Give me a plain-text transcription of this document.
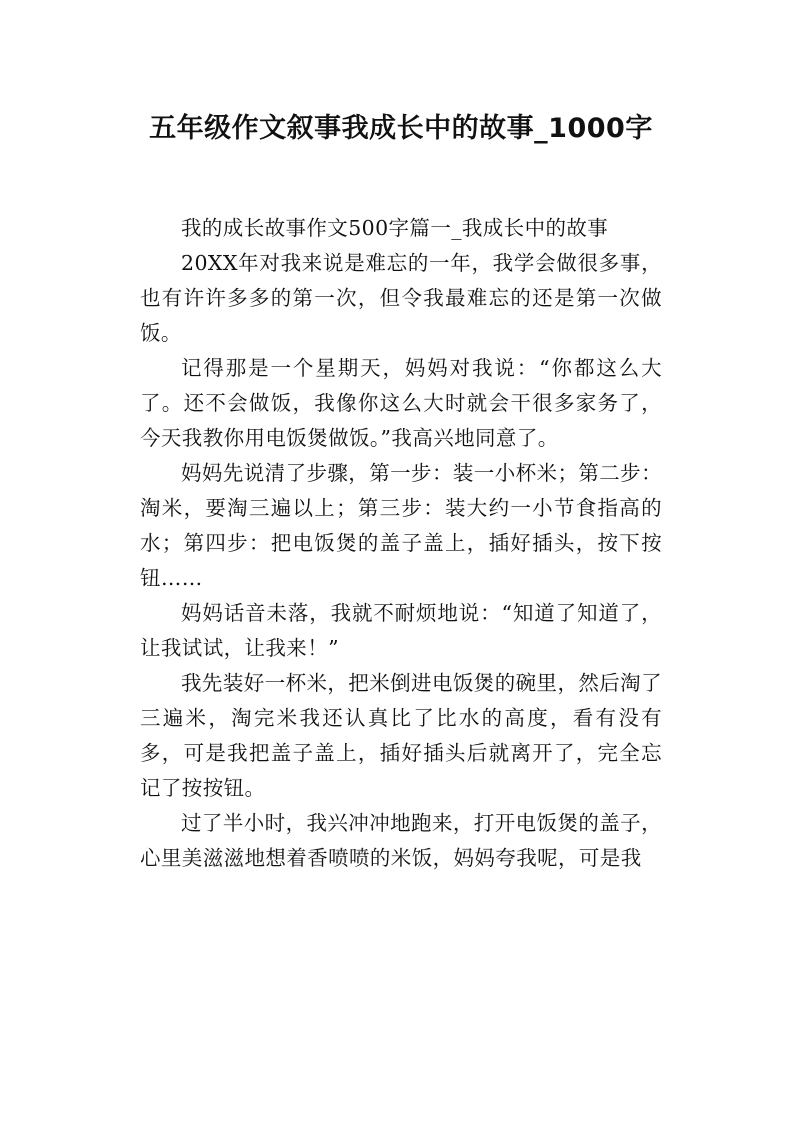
五年级作文叙事我成长中的故事_1000字

我的成长故事作文500字篇一_我成长中的故事

20XX年对我来说是难忘的一年，我学会做很多事，也有许许多多的第一次，但令我最难忘的还是第一次做饭。

记得那是一个星期天，妈妈对我说：“你都这么大了。还不会做饭，我像你这么大时就会干很多家务了，今天我教你用电饭煲做饭。”我高兴地同意了。

妈妈先说清了步骤，第一步：装一小杯米；第二步：淘米，要淘三遍以上；第三步：装大约一小节食指高的水；第四步：把电饭煲的盖子盖上，插好插头，按下按钮……

妈妈话音未落，我就不耐烦地说：“知道了知道了，让我试试，让我来！”

我先装好一杯米，把米倒进电饭煲的碗里，然后淘了三遍米，淘完米我还认真比了比水的高度，看有没有多，可是我把盖子盖上，插好插头后就离开了，完全忘记了按按钮。

过了半小时，我兴冲冲地跑来，打开电饭煲的盖子，心里美滋滋地想着香喷喷的米饭，妈妈夸我呢，可是我
